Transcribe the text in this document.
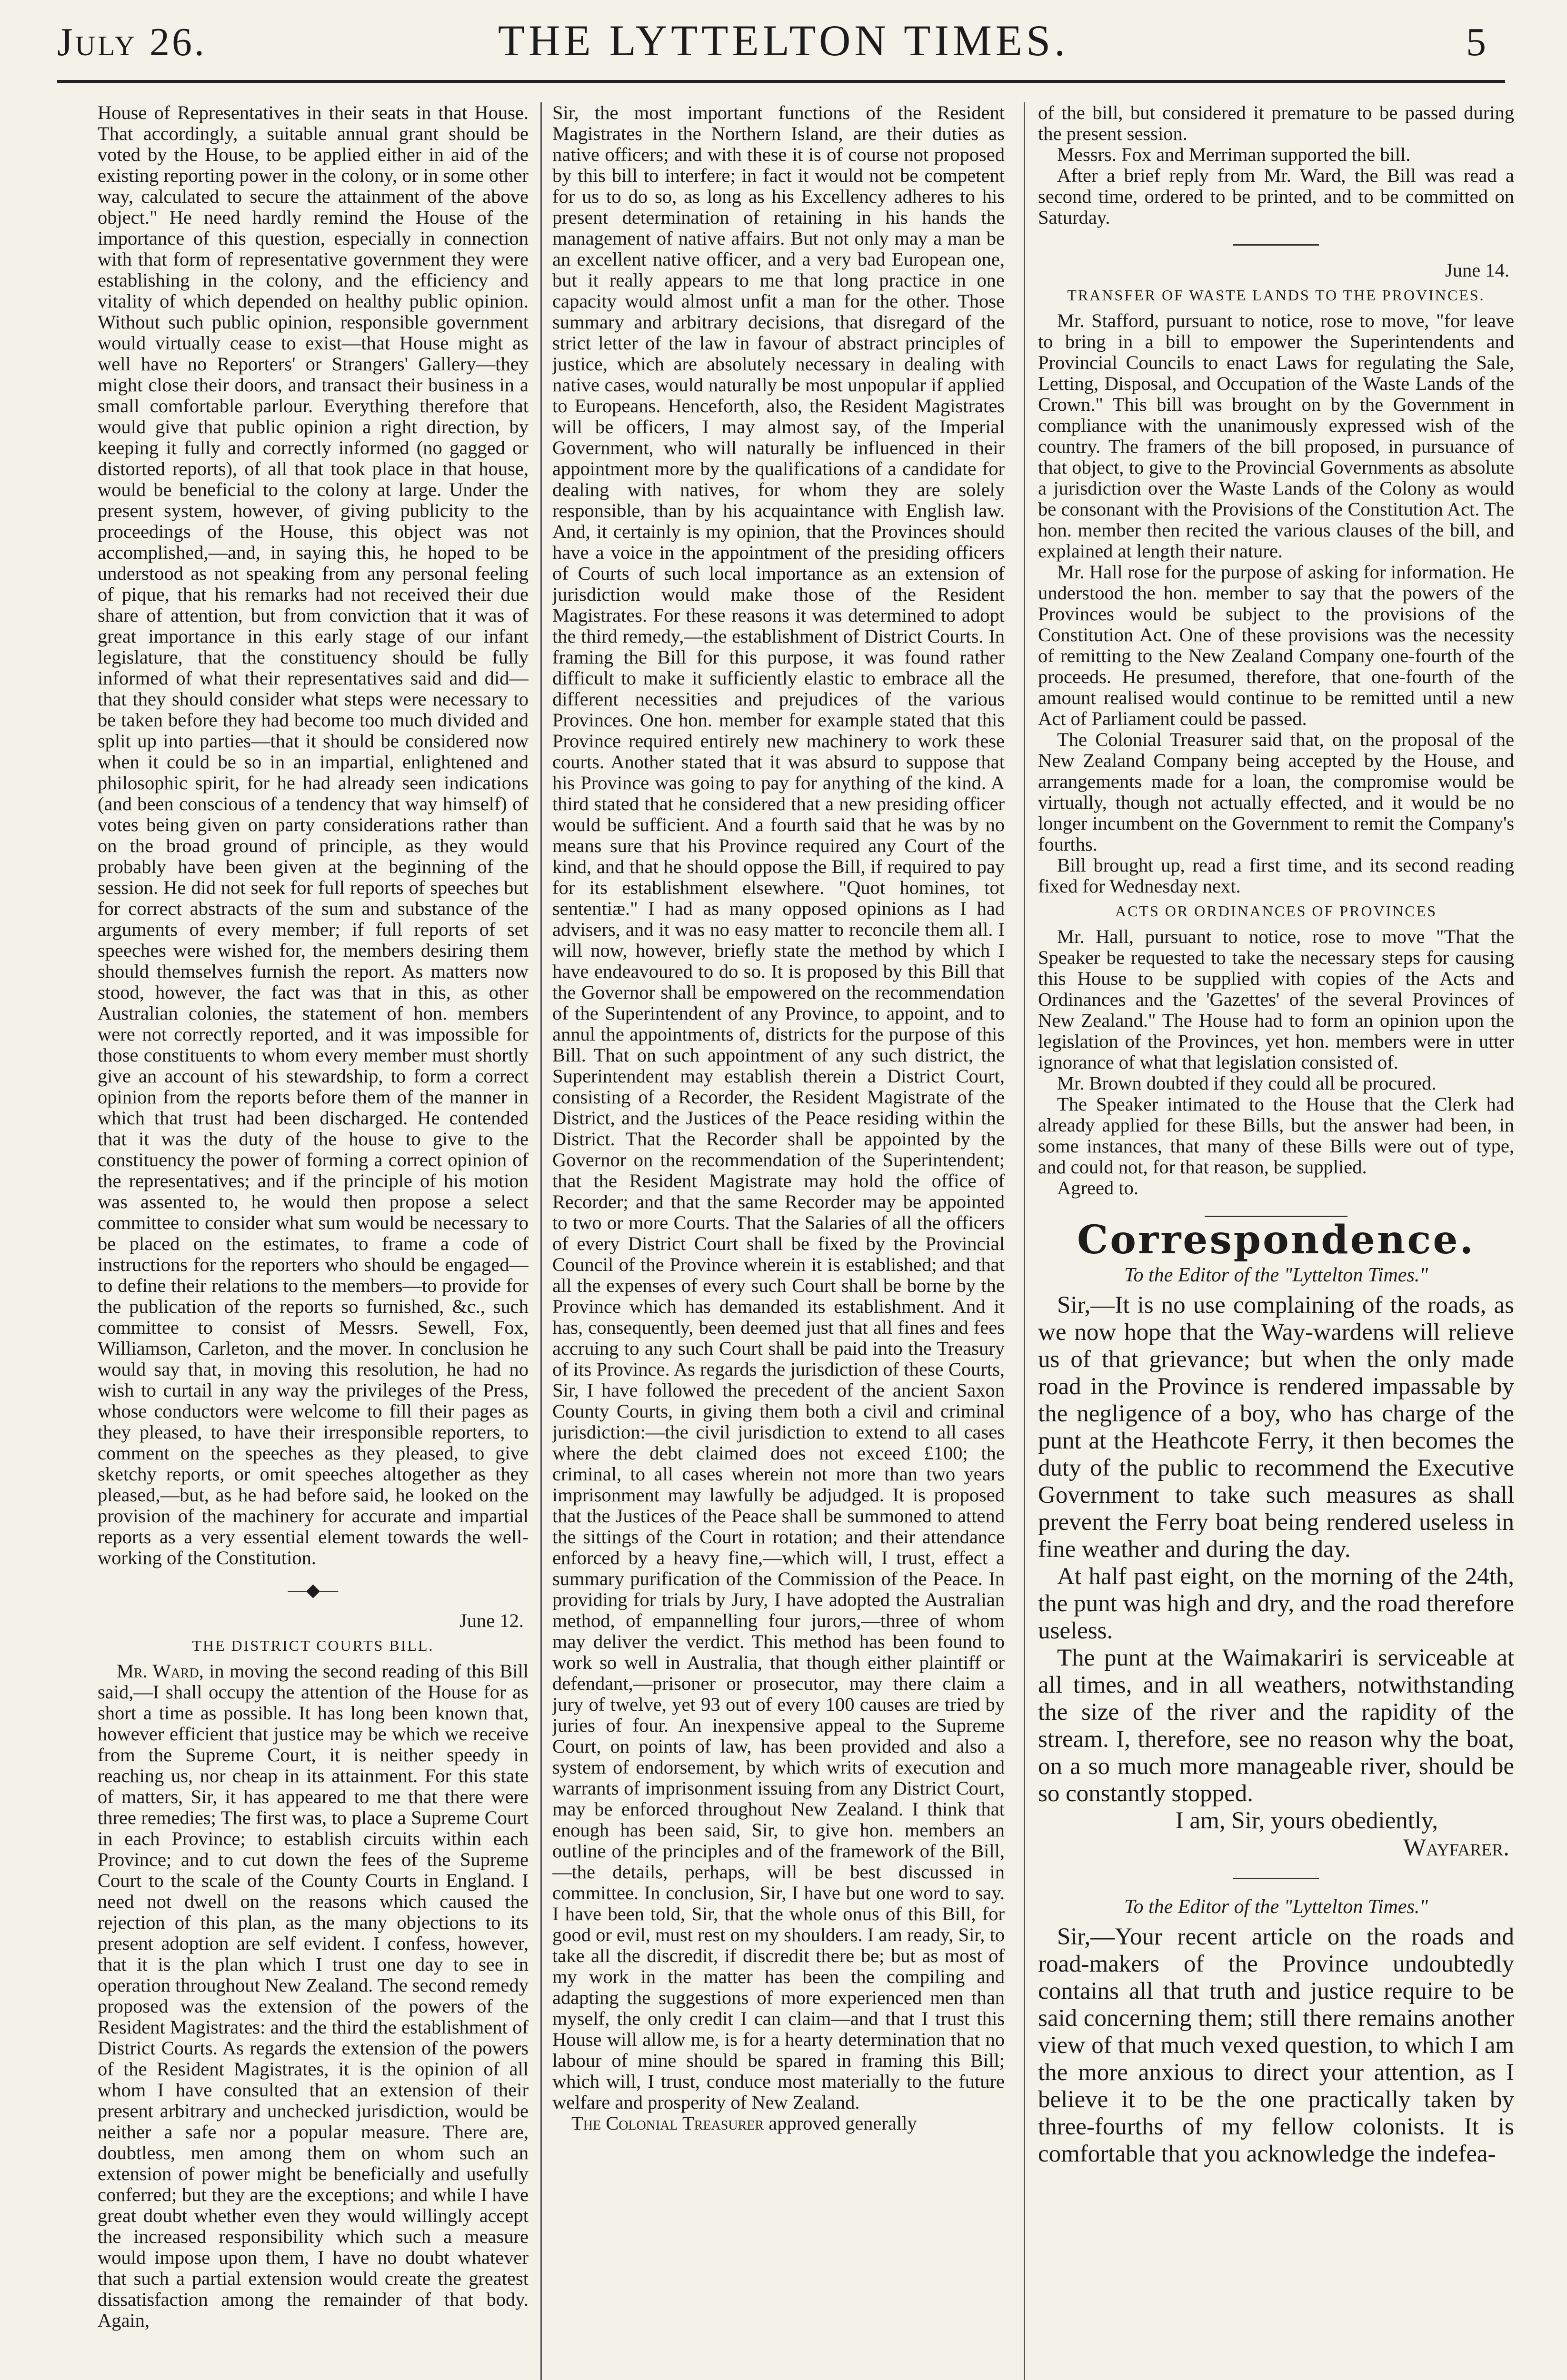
July 26.	THE LYTTELTON TIMES.	5

House of Representatives in their seats in that House. That accordingly, a suitable annual grant should be voted by the House, to be applied either in aid of the existing reporting power in the colony, or in some other way, calculated to secure the attainment of the above object." He need hardly remind the House of the importance of this question, especially in connection with that form of representative government they were establishing in the colony, and the efficiency and vitality of which depended on healthy public opinion. Without such public opinion, responsible government would virtually cease to exist—that House might as well have no Reporters' or Strangers' Gallery—they might close their doors, and transact their business in a small comfortable parlour. Everything therefore that would give that public opinion a right direction, by keeping it fully and correctly informed (no gagged or distorted reports), of all that took place in that house, would be beneficial to the colony at large. Under the present system, however, of giving publicity to the proceedings of the House, this object was not accomplished,—and, in saying this, he hoped to be understood as not speaking from any personal feeling of pique, that his remarks had not received their due share of attention, but from conviction that it was of great importance in this early stage of our infant legislature, that the constituency should be fully informed of what their representatives said and did—that they should consider what steps were necessary to be taken before they had become too much divided and split up into parties—that it should be considered now when it could be so in an impartial, enlightened and philosophic spirit, for he had already seen indications (and been conscious of a tendency that way himself) of votes being given on party considerations rather than on the broad ground of principle, as they would probably have been given at the beginning of the session. He did not seek for full reports of speeches but for correct abstracts of the sum and substance of the arguments of every member; if full reports of set speeches were wished for, the members desiring them should themselves furnish the report. As matters now stood, however, the fact was that in this, as other Australian colonies, the statement of hon. members were not correctly reported, and it was impossible for those constituents to whom every member must shortly give an account of his stewardship, to form a correct opinion from the reports before them of the manner in which that trust had been discharged. He contended that it was the duty of the house to give to the constituency the power of forming a correct opinion of the representatives; and if the principle of his motion was assented to, he would then propose a select committee to consider what sum would be necessary to be placed on the estimates, to frame a code of instructions for the reporters who should be engaged—to define their relations to the members—to provide for the publication of the reports so furnished, &c., such committee to consist of Messrs. Sewell, Fox, Williamson, Carleton, and the mover. In conclusion he would say that, in moving this resolution, he had no wish to curtail in any way the privileges of the Press, whose conductors were welcome to fill their pages as they pleased, to have their irresponsible reporters, to comment on the speeches as they pleased, to give sketchy reports, or omit speeches altogether as they pleased,—but, as he had before said, he looked on the provision of the machinery for accurate and impartial reports as a very essential element towards the well-working of the Constitution.

—◆—
June 12.
THE DISTRICT COURTS BILL.

Mr. Ward, in moving the second reading of this Bill said,—I shall occupy the attention of the House for as short a time as possible. It has long been known that, however efficient that justice may be which we receive from the Supreme Court, it is neither speedy in reaching us, nor cheap in its attainment. For this state of matters, Sir, it has appeared to me that there were three remedies; The first was, to place a Supreme Court in each Province; to establish circuits within each Province; and to cut down the fees of the Supreme Court to the scale of the County Courts in England. I need not dwell on the reasons which caused the rejection of this plan, as the many objections to its present adoption are self evident. I confess, however, that it is the plan which I trust one day to see in operation throughout New Zealand. The second remedy proposed was the extension of the powers of the Resident Magistrates: and the third the establishment of District Courts. As regards the extension of the powers of the Resident Magistrates, it is the opinion of all whom I have consulted that an extension of their present arbitrary and unchecked jurisdiction, would be neither a safe nor a popular measure. There are, doubtless, men among them on whom such an extension of power might be beneficially and usefully conferred; but they are the exceptions; and while I have great doubt whether even they would willingly accept the increased responsibility which such a measure would impose upon them, I have no doubt whatever that such a partial extension would create the greatest dissatisfaction among the remainder of that body. Again,

Sir, the most important functions of the Resident Magistrates in the Northern Island, are their duties as native officers; and with these it is of course not proposed by this bill to interfere; in fact it would not be competent for us to do so, as long as his Excellency adheres to his present determination of retaining in his hands the management of native affairs. But not only may a man be an excellent native officer, and a very bad European one, but it really appears to me that long practice in one capacity would almost unfit a man for the other. Those summary and arbitrary decisions, that disregard of the strict letter of the law in favour of abstract principles of justice, which are absolutely necessary in dealing with native cases, would naturally be most unpopular if applied to Europeans. Henceforth, also, the Resident Magistrates will be officers, I may almost say, of the Imperial Government, who will naturally be influenced in their appointment more by the qualifications of a candidate for dealing with natives, for whom they are solely responsible, than by his acquaintance with English law. And, it certainly is my opinion, that the Provinces should have a voice in the appointment of the presiding officers of Courts of such local importance as an extension of jurisdiction would make those of the Resident Magistrates. For these reasons it was determined to adopt the third remedy,—the establishment of District Courts. In framing the Bill for this purpose, it was found rather difficult to make it sufficiently elastic to embrace all the different necessities and prejudices of the various Provinces. One hon. member for example stated that this Province required entirely new machinery to work these courts. Another stated that it was absurd to suppose that his Province was going to pay for anything of the kind. A third stated that he considered that a new presiding officer would be sufficient. And a fourth said that he was by no means sure that his Province required any Court of the kind, and that he should oppose the Bill, if required to pay for its establishment elsewhere. "Quot homines, tot sententiæ." I had as many opposed opinions as I had advisers, and it was no easy matter to reconcile them all. I will now, however, briefly state the method by which I have endeavoured to do so. It is proposed by this Bill that the Governor shall be empowered on the recommendation of the Superintendent of any Province, to appoint, and to annul the appointments of, districts for the purpose of this Bill. That on such appointment of any such district, the Superintendent may establish therein a District Court, consisting of a Recorder, the Resident Magistrate of the District, and the Justices of the Peace residing within the District. That the Recorder shall be appointed by the Governor on the recommendation of the Superintendent; that the Resident Magistrate may hold the office of Recorder; and that the same Recorder may be appointed to two or more Courts. That the Salaries of all the officers of every District Court shall be fixed by the Provincial Council of the Province wherein it is established; and that all the expenses of every such Court shall be borne by the Province which has demanded its establishment. And it has, consequently, been deemed just that all fines and fees accruing to any such Court shall be paid into the Treasury of its Province. As regards the jurisdiction of these Courts, Sir, I have followed the precedent of the ancient Saxon County Courts, in giving them both a civil and criminal jurisdiction:—the civil jurisdiction to extend to all cases where the debt claimed does not exceed £100; the criminal, to all cases wherein not more than two years imprisonment may lawfully be adjudged. It is proposed that the Justices of the Peace shall be summoned to attend the sittings of the Court in rotation; and their attendance enforced by a heavy fine,—which will, I trust, effect a summary purification of the Commission of the Peace. In providing for trials by Jury, I have adopted the Australian method, of empannelling four jurors,—three of whom may deliver the verdict. This method has been found to work so well in Australia, that though either plaintiff or defendant,—prisoner or prosecutor, may there claim a jury of twelve, yet 93 out of every 100 causes are tried by juries of four. An inexpensive appeal to the Supreme Court, on points of law, has been provided and also a system of endorsement, by which writs of execution and warrants of imprisonment issuing from any District Court, may be enforced throughout New Zealand. I think that enough has been said, Sir, to give hon. members an outline of the principles and of the framework of the Bill,—the details, perhaps, will be best discussed in committee. In conclusion, Sir, I have but one word to say. I have been told, Sir, that the whole onus of this Bill, for good or evil, must rest on my shoulders. I am ready, Sir, to take all the discredit, if discredit there be; but as most of my work in the matter has been the compiling and adapting the suggestions of more experienced men than myself, the only credit I can claim—and that I trust this House will allow me, is for a hearty determination that no labour of mine should be spared in framing this Bill; which will, I trust, conduce most materially to the future welfare and prosperity of New Zealand.

The Colonial Treasurer approved generally

of the bill, but considered it premature to be passed during the present session.

Messrs. Fox and Merriman supported the bill.

After a brief reply from Mr. Ward, the Bill was read a second time, ordered to be printed, and to be committed on Saturday.

June 14.
TRANSFER OF WASTE LANDS TO THE PROVINCES.

Mr. Stafford, pursuant to notice, rose to move, "for leave to bring in a bill to empower the Superintendents and Provincial Councils to enact Laws for regulating the Sale, Letting, Disposal, and Occupation of the Waste Lands of the Crown." This bill was brought on by the Government in compliance with the unanimously expressed wish of the country. The framers of the bill proposed, in pursuance of that object, to give to the Provincial Governments as absolute a jurisdiction over the Waste Lands of the Colony as would be consonant with the Provisions of the Constitution Act. The hon. member then recited the various clauses of the bill, and explained at length their nature.

Mr. Hall rose for the purpose of asking for information. He understood the hon. member to say that the powers of the Provinces would be subject to the provisions of the Constitution Act. One of these provisions was the necessity of remitting to the New Zealand Company one-fourth of the proceeds. He presumed, therefore, that one-fourth of the amount realised would continue to be remitted until a new Act of Parliament could be passed.

The Colonial Treasurer said that, on the proposal of the New Zealand Company being accepted by the House, and arrangements made for a loan, the compromise would be virtually, though not actually effected, and it would be no longer incumbent on the Government to remit the Company's fourths.

Bill brought up, read a first time, and its second reading fixed for Wednesday next.

ACTS OR ORDINANCES OF PROVINCES

Mr. Hall, pursuant to notice, rose to move "That the Speaker be requested to take the necessary steps for causing this House to be supplied with copies of the Acts and Ordinances and the 'Gazettes' of the several Provinces of New Zealand." The House had to form an opinion upon the legislation of the Provinces, yet hon. members were in utter ignorance of what that legislation consisted of.

Mr. Brown doubted if they could all be procured.

The Speaker intimated to the House that the Clerk had already applied for these Bills, but the answer had been, in some instances, that many of these Bills were out of type, and could not, for that reason, be supplied.

Agreed to.

Correspondence.

To the Editor of the "Lyttelton Times."

Sir,—It is no use complaining of the roads, as we now hope that the Way-wardens will relieve us of that grievance; but when the only made road in the Province is rendered impassable by the negligence of a boy, who has charge of the punt at the Heathcote Ferry, it then becomes the duty of the public to recommend the Executive Government to take such measures as shall prevent the Ferry boat being rendered useless in fine weather and during the day.

At half past eight, on the morning of the 24th, the punt was high and dry, and the road therefore useless.

The punt at the Waimakariri is serviceable at all times, and in all weathers, notwithstanding the size of the river and the rapidity of the stream. I, therefore, see no reason why the boat, on a so much more manageable river, should be so constantly stopped.

I am, Sir, yours obediently,

Wayfarer.

To the Editor of the "Lyttelton Times."

Sir,—Your recent article on the roads and road-makers of the Province undoubtedly contains all that truth and justice require to be said concerning them; still there remains another view of that much vexed question, to which I am the more anxious to direct your attention, as I believe it to be the one practically taken by three-fourths of my fellow colonists. It is comfortable that you acknowledge the indefea-
